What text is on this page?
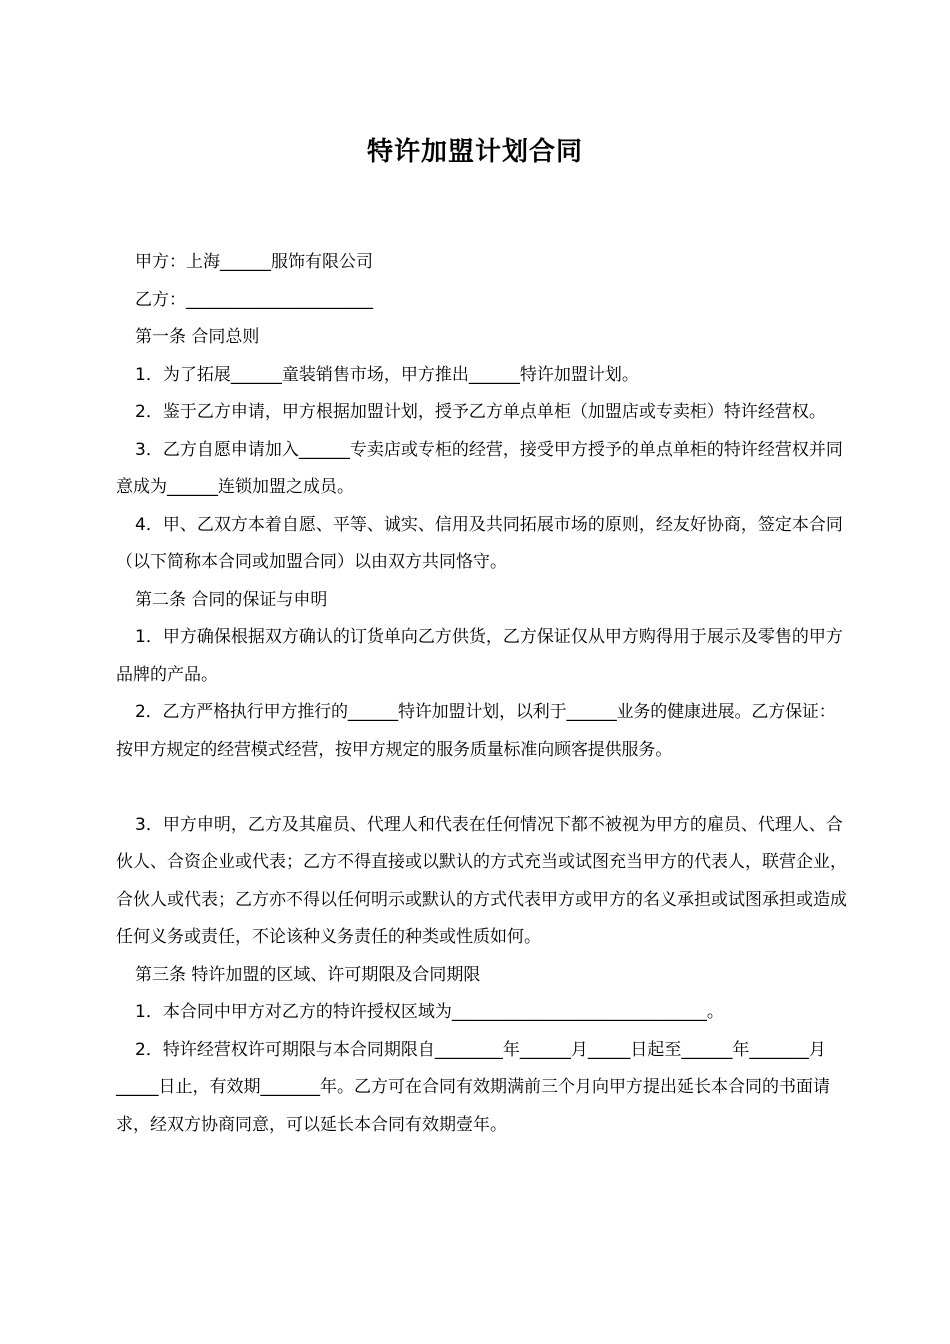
特许加盟计划合同

甲方：上海______服饰有限公司

乙方：______________________

第一条 合同总则

1．为了拓展______童装销售市场，甲方推出______特许加盟计划。

2．鉴于乙方申请，甲方根据加盟计划，授予乙方单点单柜（加盟店或专卖柜）特许经营权。

3．乙方自愿申请加入______专卖店或专柜的经营，接受甲方授予的单点单柜的特许经营权并同意成为______连锁加盟之成员。

4．甲、乙双方本着自愿、平等、诚实、信用及共同拓展市场的原则，经友好协商，签定本合同（以下简称本合同或加盟合同）以由双方共同恪守。

第二条 合同的保证与申明

1．甲方确保根据双方确认的订货单向乙方供货，乙方保证仅从甲方购得用于展示及零售的甲方品牌的产品。

2．乙方严格执行甲方推行的______特许加盟计划，以利于______业务的健康进展。乙方保证：按甲方规定的经营模式经营，按甲方规定的服务质量标准向顾客提供服务。

3．甲方申明，乙方及其雇员、代理人和代表在任何情况下都不被视为甲方的雇员、代理人、合伙人、合资企业或代表；乙方不得直接或以默认的方式充当或试图充当甲方的代表人，联营企业，合伙人或代表；乙方亦不得以任何明示或默认的方式代表甲方或甲方的名义承担或试图承担或造成任何义务或责任，不论该种义务责任的种类或性质如何。

第三条 特许加盟的区域、许可期限及合同期限

1．本合同中甲方对乙方的特许授权区域为______________________________。

2．特许经营权许可期限与本合同期限自________年______月_____日起至______年_______月_____日止，有效期_______年。乙方可在合同有效期满前三个月向甲方提出延长本合同的书面请求，经双方协商同意，可以延长本合同有效期壹年。
